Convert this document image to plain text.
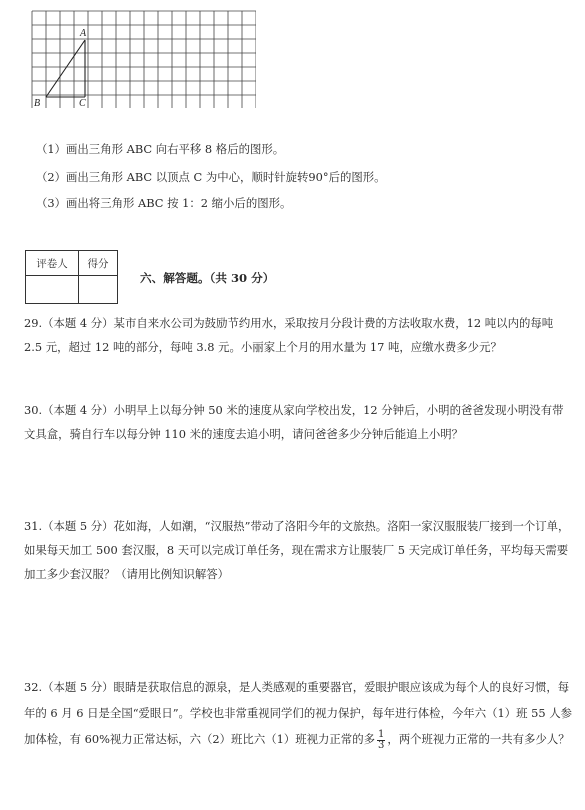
A
B	C
（1）画出三角形 ABC 向右平移 8 格后的图形。
（2）画出三角形 ABC 以顶点 C 为中心，顺时针旋转90°后的图形。
（3）画出将三角形 ABC 按 1：2 缩小后的图形。
评卷人	得分

六、解答题。（共 30 分）
29.（本题 4 分）某市自来水公司为鼓励节约用水，采取按月分段计费的方法收取水费，12 吨以内的每吨 2.5 元，超过 12 吨的部分，每吨 3.8 元。小丽家上个月的用水量为 17 吨，应缴水费多少元？
30.（本题 4 分）小明早上以每分钟 50 米的速度从家向学校出发，12 分钟后，小明的爸爸发现小明没有带文具盒，骑自行车以每分钟 110 米的速度去追小明，请问爸爸多少分钟后能追上小明？
31.（本题 5 分）花如海，人如潮，“汉服热”带动了洛阳今年的文旅热。洛阳一家汉服服装厂接到一个订单，如果每天加工 500 套汉服，8 天可以完成订单任务，现在需求方让服装厂 5 天完成订单任务，平均每天需要加工多少套汉服？（请用比例知识解答）
32.（本题 5 分）眼睛是获取信息的源泉，是人类感观的重要器官，爱眼护眼应该成为每个人的良好习惯，每年的 6 月 6 日是全国“爱眼日”。学校也非常重视同学们的视力保护，每年进行体检，今年六（1）班 55 人参加体检，有 60%视力正常达标，六（2）班比六（1）班视力正常的多 $\frac{1}{3}$ ，两个班视力正常的一共有多少人？
